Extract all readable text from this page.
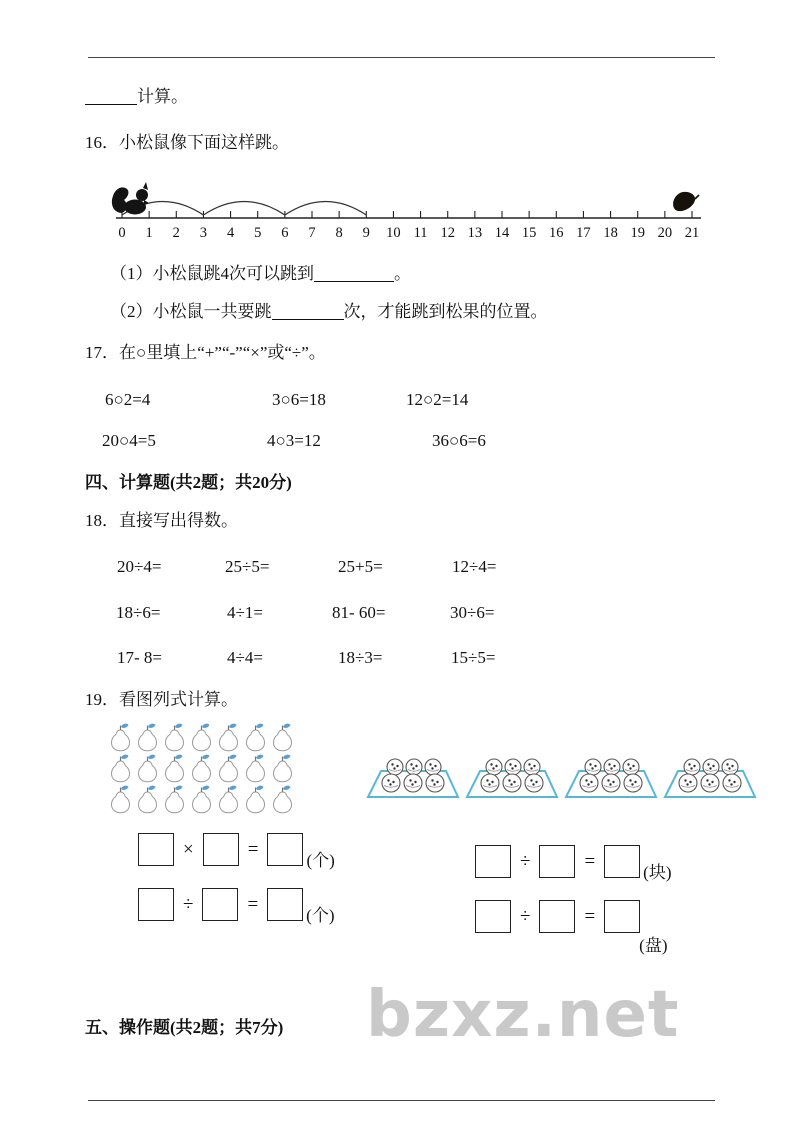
计算。
16．小松鼠像下面这样跳。
0 1 2 3 4 5 6 7 8 9 10 11 12 13 14 15 16 17 18 19 20 21
（1）小松鼠跳4次可以跳到	。
（2）小松鼠一共要跳	次，才能跳到松果的位置。
17．在○里填上“+”“-”“×”或“÷”。
6○2=4	3○6=18	12○2=14
20○4=5	4○3=12	36○6=6
四、计算题(共2题；共20分)
18．直接写出得数。
20÷4=	25÷5=	25+5=	12÷4=
18÷6=	4÷1=	81- 60=	30÷6=
17- 8=	4÷4=	18÷3=	15÷5=
19．看图列式计算。
×	=
(个)
÷	=
(个)
÷	=
(块)
÷	=
(盘)
五、操作题(共2题；共7分) bzxz.net
